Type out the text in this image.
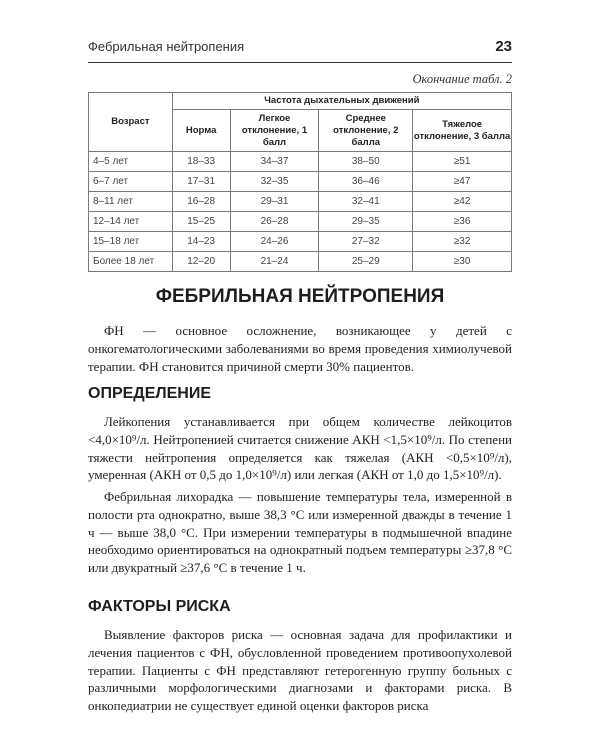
Фебрильная нейтропения	23
Окончание табл. 2
Возраст	Частота дыхательных движений			
	Норма	Легкое отклонение, 1 балл	Среднее отклонение, 2 балла	Тяжелое отклонение, 3 балла
4–5 лет	18–33	34–37	38–50	≥51
6–7 лет	17–31	32–35	36–46	≥47
8–11 лет	16–28	29–31	32–41	≥42
12–14 лет	15–25	26–28	29–35	≥36
15–18 лет	14–23	24–26	27–32	≥32
Более 18 лет	12–20	21–24	25–29	≥30
ФЕБРИЛЬНАЯ НЕЙТРОПЕНИЯ

ФН — основное осложнение, возникающее у детей с онкогематологическими заболеваниями во время проведения химиолучевой терапии. ФН становится причиной смерти 30% пациентов.

ОПРЕДЕЛЕНИЕ

Лейкопения устанавливается при общем количестве лейкоцитов <4,0×10⁹/л. Нейтропенией считается снижение АКН <1,5×10⁹/л. По степени тяжести нейтропения определяется как тяжелая (АКН <0,5×10⁹/л), умеренная (АКН от 0,5 до 1,0×10⁹/л) или легкая (АКН от 1,0 до 1,5×10⁹/л).

Фебрильная лихорадка — повышение температуры тела, измеренной в полости рта однократно, выше 38,3 °С или измеренной дважды в течение 1 ч — выше 38,0 °С. При измерении температуры в подмышечной впадине необходимо ориентироваться на однократный подъем температуры ≥37,8 °С или двукратный ≥37,6 °С в течение 1 ч.

ФАКТОРЫ РИСКА

Выявление факторов риска — основная задача для профилактики и лечения пациентов с ФН, обусловленной проведением противоопухолевой терапии. Пациенты с ФН представляют гетерогенную группу больных с различными морфологическими диагнозами и факторами риска. В онкопедиатрии не существует единой оценки факторов риска
